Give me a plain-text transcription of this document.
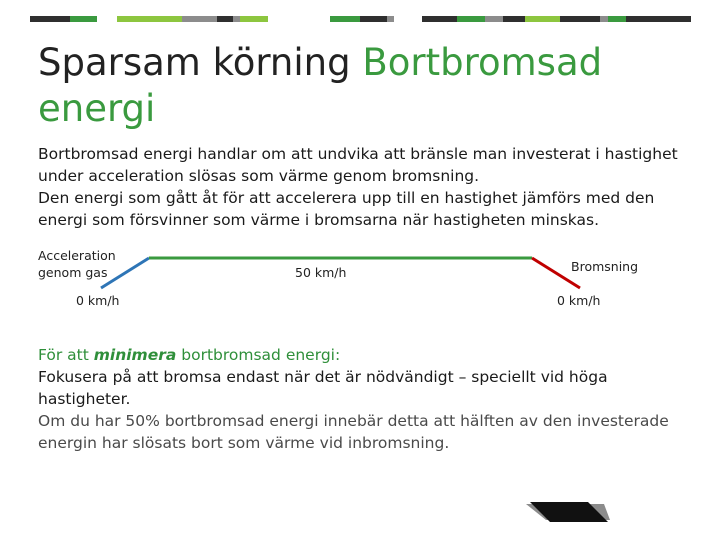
Sparsam körning Bortbromsad energi

Bortbromsad energi handlar om att undvika att bränsle man investerat i hastighet under acceleration slösas som värme genom bromsning.

Den energi som gått åt för att accelerera upp till en hastighet jämförs med den energi som försvinner som värme i bromsarna när hastigheten minskas.

Acceleration
genom gas
0 km/h
50 km/h	Bromsning
0 km/h

För att minimera bortbromsad energi:

Fokusera på att bromsa endast när det är nödvändigt – speciellt vid höga hastigheter.

Om du har 50% bortbromsad energi innebär detta att hälften av den investerade energin har slösats bort som värme vid inbromsning.
